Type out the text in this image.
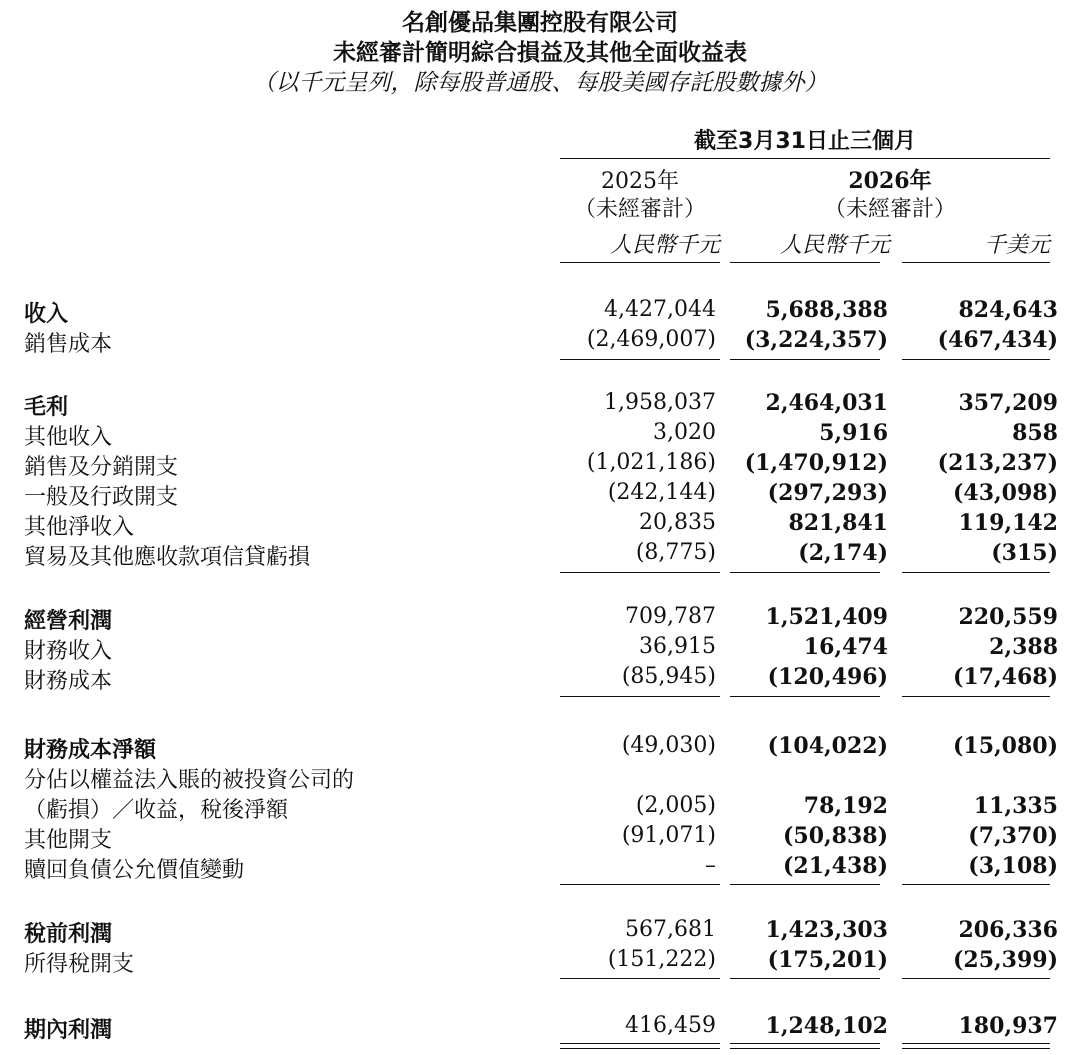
名創優品集團控股有限公司
未經審計簡明綜合損益及其他全面收益表
（以千元呈列，除每股普通股、每股美國存託股數據外）
截至3月31日止三個月
2025年
（未經審計）
2026年
（未經審計）
人民幣千元	人民幣千元	千美元
收入	4,427,044 5,688,388	824,643
銷售成本	(2,469,007) (3,224,357) (467,434)
毛利	1,958,037 2,464,031	357,209
其他收入	3,020	5,916	858
銷售及分銷開支	(1,021,186) (1,470,912) (213,237)
一般及行政開支	(242,144) (297,293)	(43,098)
其他淨收入	20,835	821,841	119,142
貿易及其他應收款項信貸虧損	(8,775)	(2,174)	(315)
經營利潤	709,787 1,521,409	220,559
財務收入	36,915	16,474	2,388
財務成本	(85,945) (120,496)	(17,468)
財務成本淨額	(49,030) (104,022)	(15,080)
分佔以權益法入賬的被投資公司的
（虧損）／收益，稅後淨額	(2,005)	78,192	11,335
其他開支	(91,071)	(50,838)	(7,370)
贖回負債公允價值變動	–	(21,438)	(3,108)
稅前利潤	567,681 1,423,303	206,336
所得稅開支	(151,222) (175,201)	(25,399)
期內利潤	416,459 1,248,102	180,937
